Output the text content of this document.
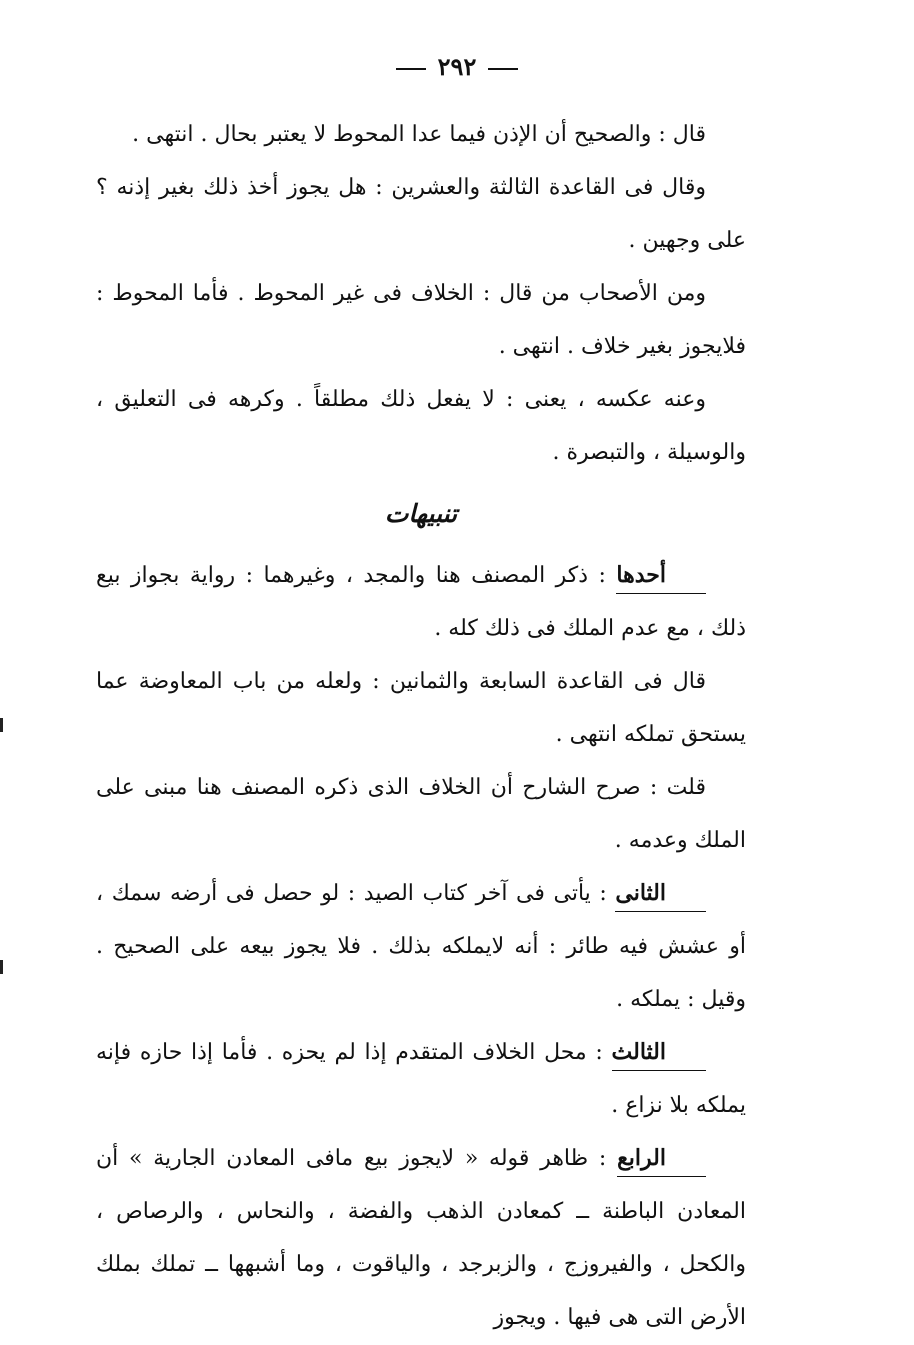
٢٩٢

قال : والصحيح أن الإذن فيما عدا المحوط لا يعتبر بحال . انتهى .

وقال فى القاعدة الثالثة والعشرين : هل يجوز أخذ ذلك بغير إذنه ؟ على وجهين .

ومن الأصحاب من قال : الخلاف فى غير المحوط . فأما المحوط : فلايجوز بغير خلاف . انتهى .

وعنه عكسه ، يعنى : لا يفعل ذلك مطلقاً . وكرهه فى التعليق ، والوسيلة ، والتبصرة .

تنبيهات

أحدها : ذكر المصنف هنا والمجد ، وغيرهما : رواية بجواز بيع ذلك ، مع عدم الملك فى ذلك كله .

قال فى القاعدة السابعة والثمانين : ولعله من باب المعاوضة عما يستحق تملكه انتهى .

قلت : صرح الشارح أن الخلاف الذى ذكره المصنف هنا مبنى على الملك وعدمه .

الثانى : يأتى فى آخر كتاب الصيد : لو حصل فى أرضه سمك ، أو عشش فيه طائر : أنه لايملكه بذلك . فلا يجوز بيعه على الصحيح . وقيل : يملكه .

الثالث : محل الخلاف المتقدم إذا لم يحزه . فأما إذا حازه فإنه يملكه بلا نزاع .

الرابع : ظاهر قوله « لايجوز بيع مافى المعادن الجارية » أن المعادن الباطنة ــ كمعادن الذهب والفضة ، والنحاس ، والرصاص ، والكحل ، والفيروزج ، والزبرجد ، والياقوت ، وما أشبهها ــ تملك بملك الأرض التى هى فيها . ويجوز
